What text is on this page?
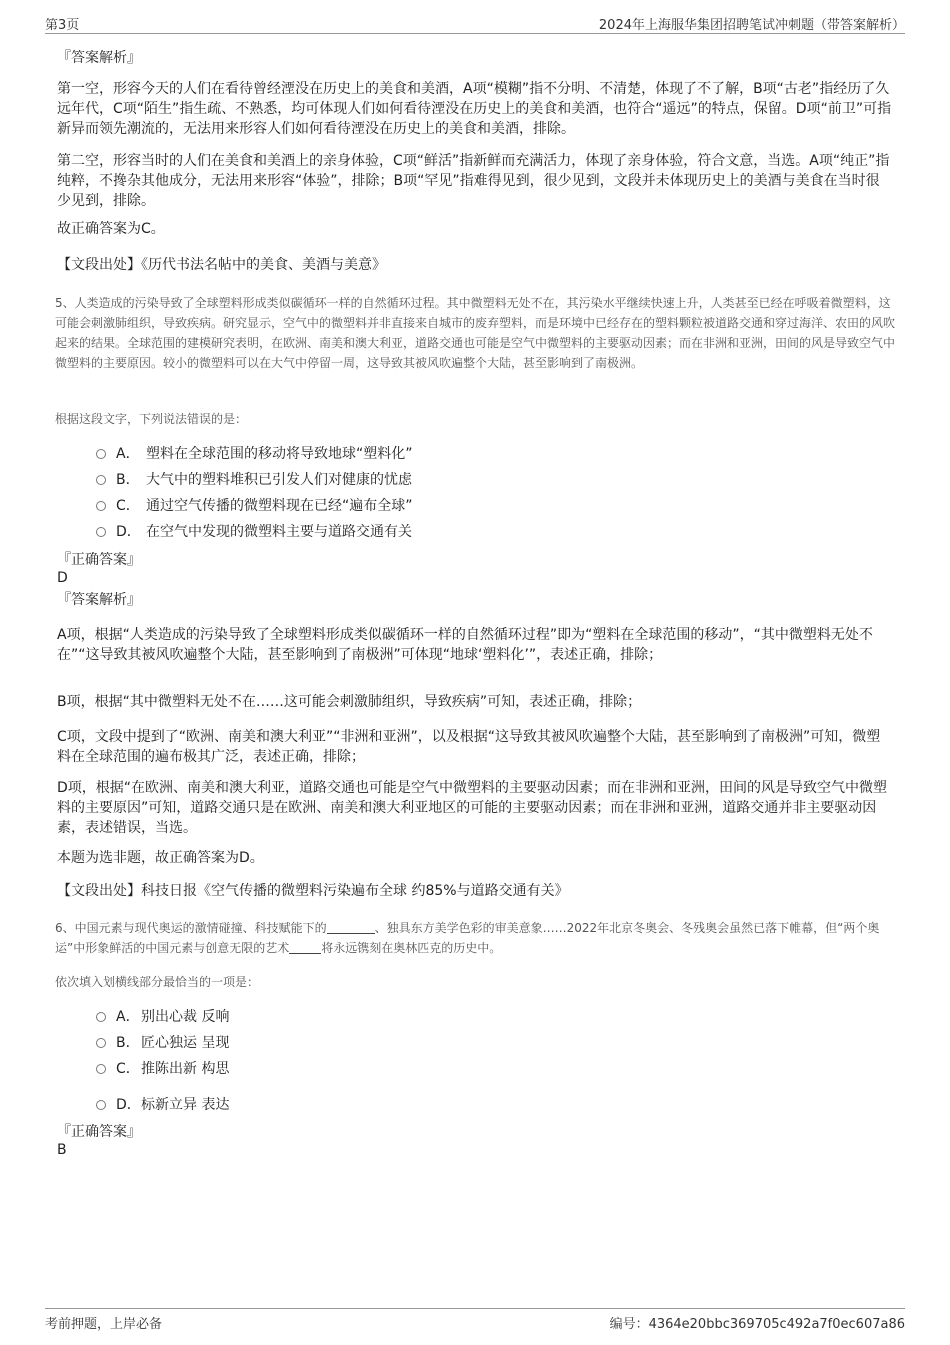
第3页	2024年上海服华集团招聘笔试冲刺题（带答案解析）
『答案解析』
第一空，形容今天的人们在看待曾经湮没在历史上的美食和美酒，A项“模糊”指不分明、不清楚，体现了不了解，B项“古老”指经历了久远年代，C项“陌生”指生疏、不熟悉，均可体现人们如何看待湮没在历史上的美食和美酒，也符合“遥远”的特点，保留。D项“前卫”可指新异而领先潮流的，无法用来形容人们如何看待湮没在历史上的美食和美酒，排除。
第二空，形容当时的人们在美食和美酒上的亲身体验，C项“鲜活”指新鲜而充满活力，体现了亲身体验，符合文意，当选。A项“纯正”指纯粹，不搀杂其他成分，无法用来形容“体验”，排除；B项“罕见”指难得见到，很少见到，文段并未体现历史上的美酒与美食在当时很少见到，排除。
故正确答案为C。
【文段出处】《历代书法名帖中的美食、美酒与美意》
5、人类造成的污染导致了全球塑料形成类似碳循环一样的自然循环过程。其中微塑料无处不在，其污染水平继续快速上升，人类甚至已经在呼吸着微塑料，这可能会刺激肺组织，导致疾病。研究显示，空气中的微塑料并非直接来自城市的废弃塑料，而是环境中已经存在的塑料颗粒被道路交通和穿过海洋、农田的风吹起来的结果。全球范围的建模研究表明，在欧洲、南美和澳大利亚，道路交通也可能是空气中微塑料的主要驱动因素；而在非洲和亚洲，田间的风是导致空气中微塑料的主要原因。较小的微塑料可以在大气中停留一周，这导致其被风吹遍整个大陆，甚至影响到了南极洲。
根据这段文字，下列说法错误的是：
A． 塑料在全球范围的移动将导致地球“塑料化”
B． 大气中的塑料堆积已引发人们对健康的忧虑
C． 通过空气传播的微塑料现在已经“遍布全球”
D． 在空气中发现的微塑料主要与道路交通有关
『正确答案』
D
『答案解析』
A项，根据“人类造成的污染导致了全球塑料形成类似碳循环一样的自然循环过程”即为“塑料在全球范围的移动”，“其中微塑料无处不在”“这导致其被风吹遍整个大陆，甚至影响到了南极洲”可体现“地球‘塑料化’”，表述正确，排除；
B项，根据“其中微塑料无处不在……这可能会刺激肺组织，导致疾病”可知，表述正确，排除；
C项，文段中提到了“欧洲、南美和澳大利亚”“非洲和亚洲”，以及根据“这导致其被风吹遍整个大陆，甚至影响到了南极洲”可知，微塑料在全球范围的遍布极其广泛，表述正确，排除；
D项，根据“在欧洲、南美和澳大利亚，道路交通也可能是空气中微塑料的主要驱动因素；而在非洲和亚洲，田间的风是导致空气中微塑料的主要原因”可知，道路交通只是在欧洲、南美和澳大利亚地区的可能的主要驱动因素；而在非洲和亚洲，道路交通并非主要驱动因素，表述错误，当选。
本题为选非题，故正确答案为D。
【文段出处】科技日报《空气传播的微塑料污染遍布全球 约85%与道路交通有关》
6、中国元素与现代奥运的激情碰撞、科技赋能下的	、独具东方美学色彩的审美意象……2022年北京冬奥会、冬残奥会虽然已落下帷幕，但“两个奥运”中形象鲜活的中国元素与创意无限的艺术	将永远镌刻在奥林匹克的历史中。
依次填入划横线部分最恰当的一项是：
A．别出心裁 反响
B．匠心独运 呈现
C．推陈出新 构思
D．标新立异 表达
『正确答案』
B
考前押题，上岸必备	编号：4364e20bbc369705c492a7f0ec607a86
